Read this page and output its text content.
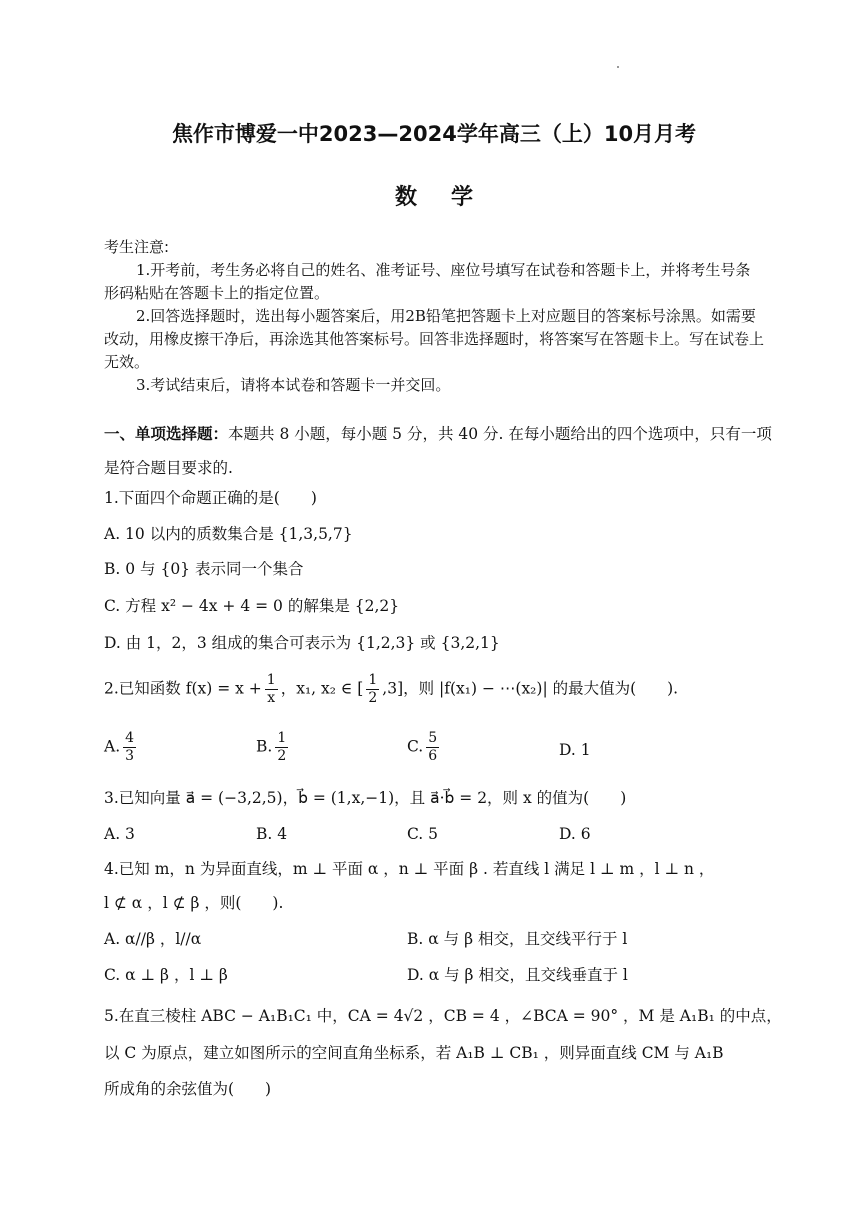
焦作市博爱一中2023—2024学年高三（上）10月月考
数学
考生注意:
1.开考前，考生务必将自己的姓名、准考证号、座位号填写在试卷和答题卡上，并将考生号条形码粘贴在答题卡上的指定位置。
2.回答选择题时，选出每小题答案后，用2B铅笔把答题卡上对应题目的答案标号涂黑。如需要改动，用橡皮擦干净后，再涂选其他答案标号。回答非选择题时，将答案写在答题卡上。写在试卷上无效。
3.考试结束后，请将本试卷和答题卡一并交回。
一、单项选择题：本题共 8 小题，每小题 5 分，共 40 分. 在每小题给出的四个选项中，只有一项是符合题目要求的.
1.下面四个命题正确的是(　　)
A. 10 以内的质数集合是 {1,3,5,7}
B. 0 与 {0} 表示同一个集合
C. 方程 x² − 4x + 4 = 0 的解集是 {2,2}
D. 由 1，2，3 组成的集合可表示为 {1,2,3} 或 {3,2,1}
2.已知函数 $f(x) = x + \frac{1}{x}$ ，x₁, x₂ ∈ [ $\frac{1}{2} ,3$]，则 |f(x₁) − ⋯(x₂)| 的最大值为(　　).
A. $\frac{4}{3}$	B. $\frac{1}{2}$	C. $\frac{5}{6}$	D. 1
3.已知向量 a⃗ = (−3,2,5)，b⃗ = (1,x,−1)，且 a⃗·b⃗ = 2，则 x 的值为(　　)
A. 3	B. 4	C. 5	D. 6
4.已知 m，n 为异面直线，m ⊥ 平面 α ，n ⊥ 平面 β . 若直线 l 满足 l ⊥ m ，l ⊥ n ，
l ⊄ α ，l ⊄ β ，则(　　).
A. α//β ，l//α	B. α 与 β 相交，且交线平行于 l
C. α ⊥ β ，l ⊥ β	D. α 与 β 相交，且交线垂直于 l
5.在直三棱柱 ABC − A₁B₁C₁ 中，CA = 4√2 ，CB = 4 ，∠BCA = 90° ，M 是 A₁B₁ 的中点，
以 C 为原点，建立如图所示的空间直角坐标系，若 A₁B ⊥ CB₁ ，则异面直线 CM 与 A₁B
所成角的余弦值为(　　)
